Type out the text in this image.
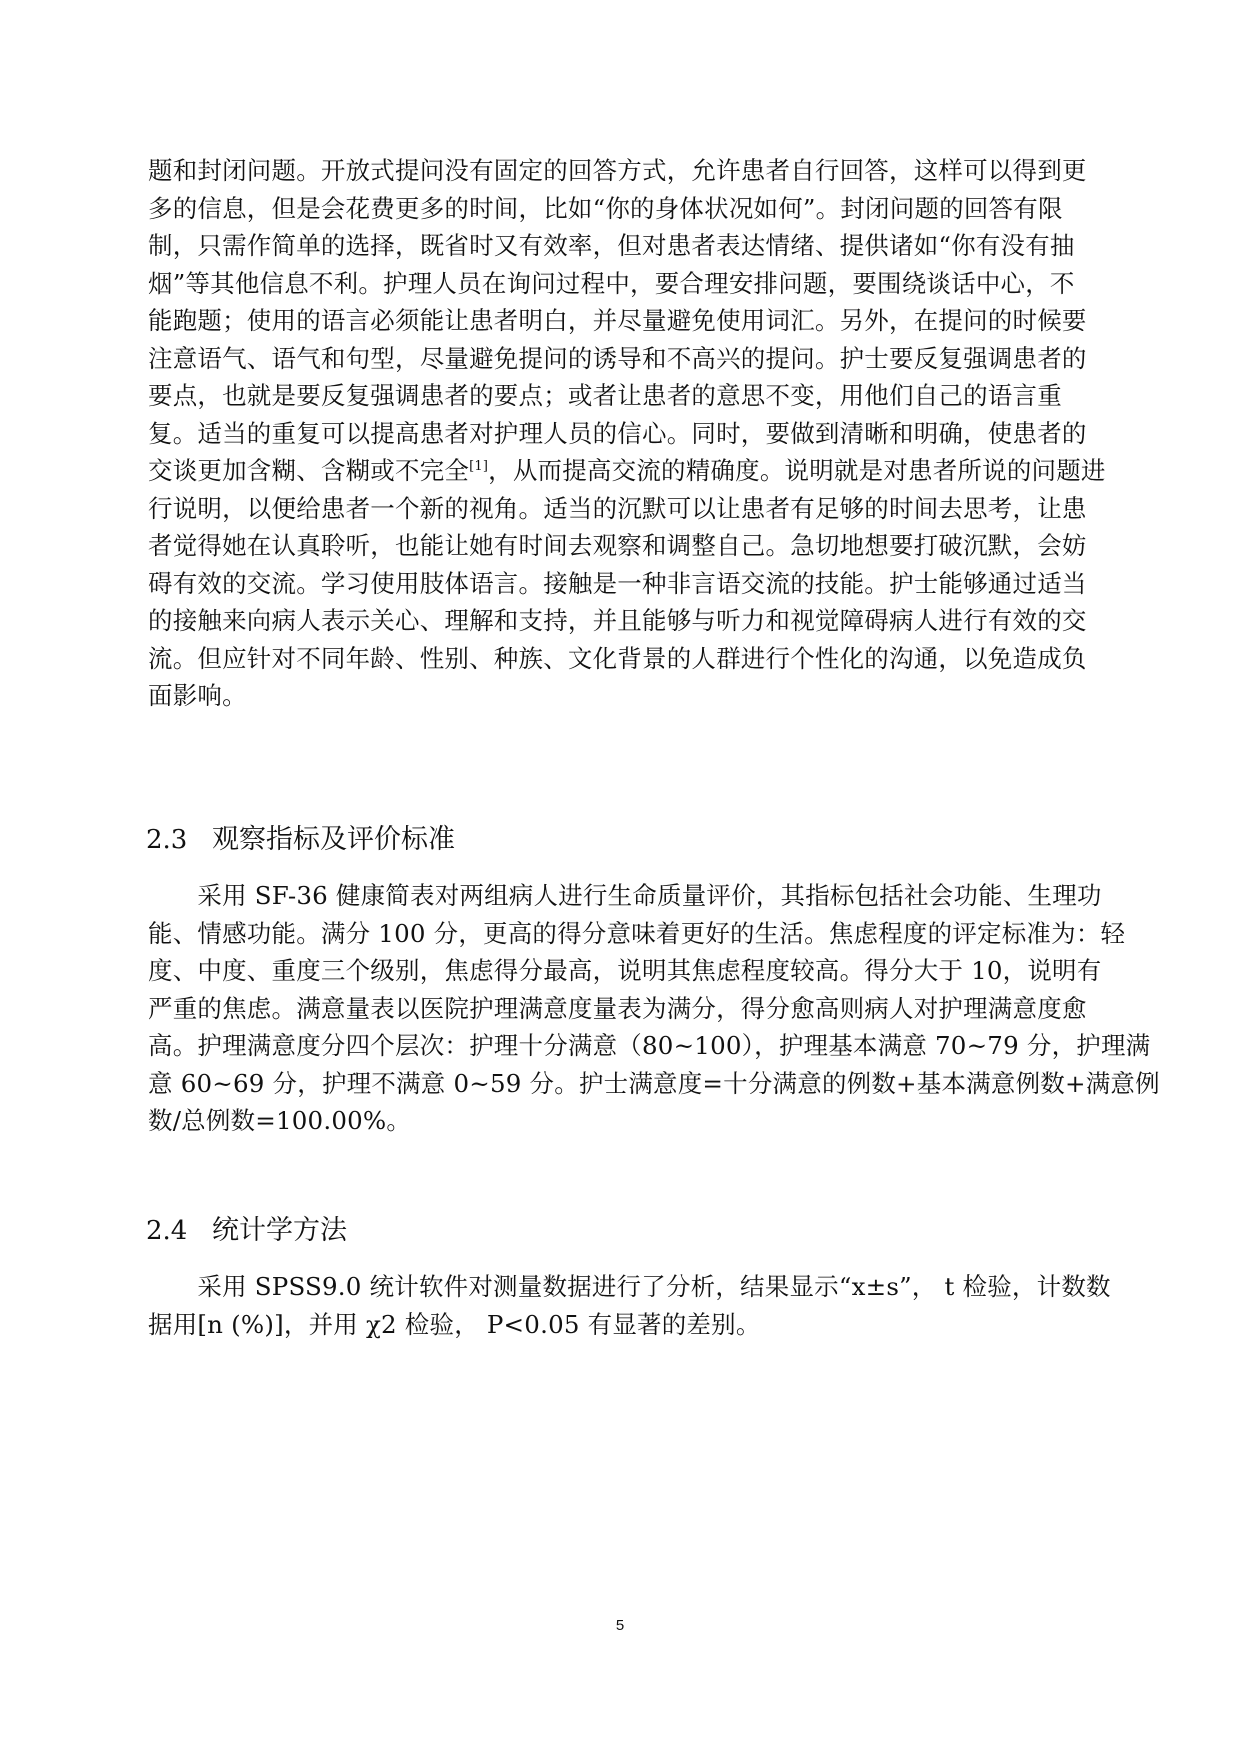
题和封闭问题。开放式提问没有固定的回答方式，允许患者自行回答，这样可以得到更
多的信息，但是会花费更多的时间，比如“你的身体状况如何”。封闭问题的回答有限
制，只需作简单的选择，既省时又有效率，但对患者表达情绪、提供诸如“你有没有抽
烟”等其他信息不利。护理人员在询问过程中，要合理安排问题，要围绕谈话中心，不
能跑题；使用的语言必须能让患者明白，并尽量避免使用词汇。另外，在提问的时候要
注意语气、语气和句型，尽量避免提问的诱导和不高兴的提问。护士要反复强调患者的
要点，也就是要反复强调患者的要点；或者让患者的意思不变，用他们自己的语言重
复。适当的重复可以提高患者对护理人员的信心。同时，要做到清晰和明确，使患者的
交谈更加含糊、含糊或不完全[1]，从而提高交流的精确度。说明就是对患者所说的问题进
行说明，以便给患者一个新的视角。适当的沉默可以让患者有足够的时间去思考，让患
者觉得她在认真聆听，也能让她有时间去观察和调整自己。急切地想要打破沉默，会妨
碍有效的交流。学习使用肢体语言。接触是一种非言语交流的技能。护士能够通过适当
的接触来向病人表示关心、理解和支持，并且能够与听力和视觉障碍病人进行有效的交
流。但应针对不同年龄、性别、种族、文化背景的人群进行个性化的沟通，以免造成负
面影响。
2.3 观察指标及评价标准
　　采用 SF-36 健康简表对两组病人进行生命质量评价，其指标包括社会功能、生理功
能、情感功能。满分 100 分，更高的得分意味着更好的生活。焦虑程度的评定标准为：轻
度、中度、重度三个级别，焦虑得分最高，说明其焦虑程度较高。得分大于 10，说明有
严重的焦虑。满意量表以医院护理满意度量表为满分，得分愈高则病人对护理满意度愈
高。护理满意度分四个层次：护理十分满意（80~100），护理基本满意 70~79 分，护理满
意 60~69 分，护理不满意 0~59 分。护士满意度=十分满意的例数+基本满意例数+满意例
数/总例数=100.00%。
2.4 统计学方法
　　采用 SPSS9.0 统计软件对测量数据进行了分析，结果显示“x±s”， t 检验，计数数
据用[n (%)]，并用 χ2 检验， P<0.05 有显著的差别。
5
